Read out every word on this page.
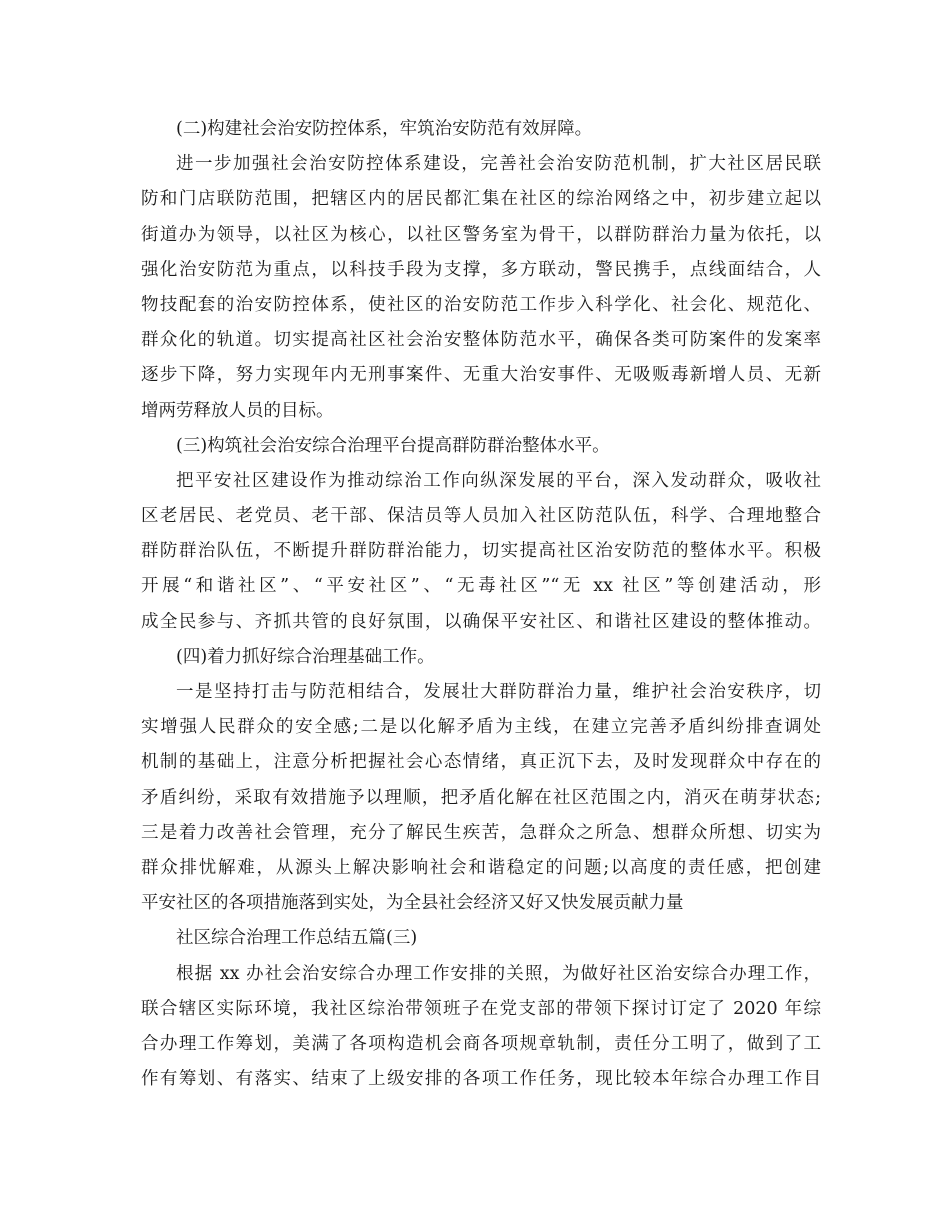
(二)构建社会治安防控体系，牢筑治安防范有效屏障。
进一步加强社会治安防控体系建设，完善社会治安防范机制，扩大社区居民联
防和门店联防范围，把辖区内的居民都汇集在社区的综治网络之中，初步建立起以
街道办为领导，以社区为核心，以社区警务室为骨干，以群防群治力量为依托，以
强化治安防范为重点，以科技手段为支撑，多方联动，警民携手，点线面结合，人
物技配套的治安防控体系，使社区的治安防范工作步入科学化、社会化、规范化、
群众化的轨道。切实提高社区社会治安整体防范水平，确保各类可防案件的发案率
逐步下降，努力实现年内无刑事案件、无重大治安事件、无吸贩毒新增人员、无新
增两劳释放人员的目标。
(三)构筑社会治安综合治理平台提高群防群治整体水平。
把平安社区建设作为推动综治工作向纵深发展的平台，深入发动群众，吸收社
区老居民、老党员、老干部、保洁员等人员加入社区防范队伍，科学、合理地整合
群防群治队伍，不断提升群防群治能力，切实提高社区治安防范的整体水平。积极
开展“和谐社区”、“平安社区”、“无毒社区”“无 xx 社区”等创建活动，形
成全民参与、齐抓共管的良好氛围，以确保平安社区、和谐社区建设的整体推动。
(四)着力抓好综合治理基础工作。
一是坚持打击与防范相结合，发展壮大群防群治力量，维护社会治安秩序，切
实增强人民群众的安全感;二是以化解矛盾为主线，在建立完善矛盾纠纷排查调处
机制的基础上，注意分析把握社会心态情绪，真正沉下去，及时发现群众中存在的
矛盾纠纷，采取有效措施予以理顺，把矛盾化解在社区范围之内，消灭在萌芽状态;
三是着力改善社会管理，充分了解民生疾苦，急群众之所急、想群众所想、切实为
群众排忧解难，从源头上解决影响社会和谐稳定的问题;以高度的责任感，把创建
平安社区的各项措施落到实处，为全县社会经济又好又快发展贡献力量
社区综合治理工作总结五篇(三)
根据 xx 办社会治安综合办理工作安排的关照，为做好社区治安综合办理工作，
联合辖区实际环境，我社区综治带领班子在党支部的带领下探讨订定了 2020 年综
合办理工作筹划，美满了各项构造机会商各项规章轨制，责任分工明了，做到了工
作有筹划、有落实、结束了上级安排的各项工作任务，现比较本年综合办理工作目
